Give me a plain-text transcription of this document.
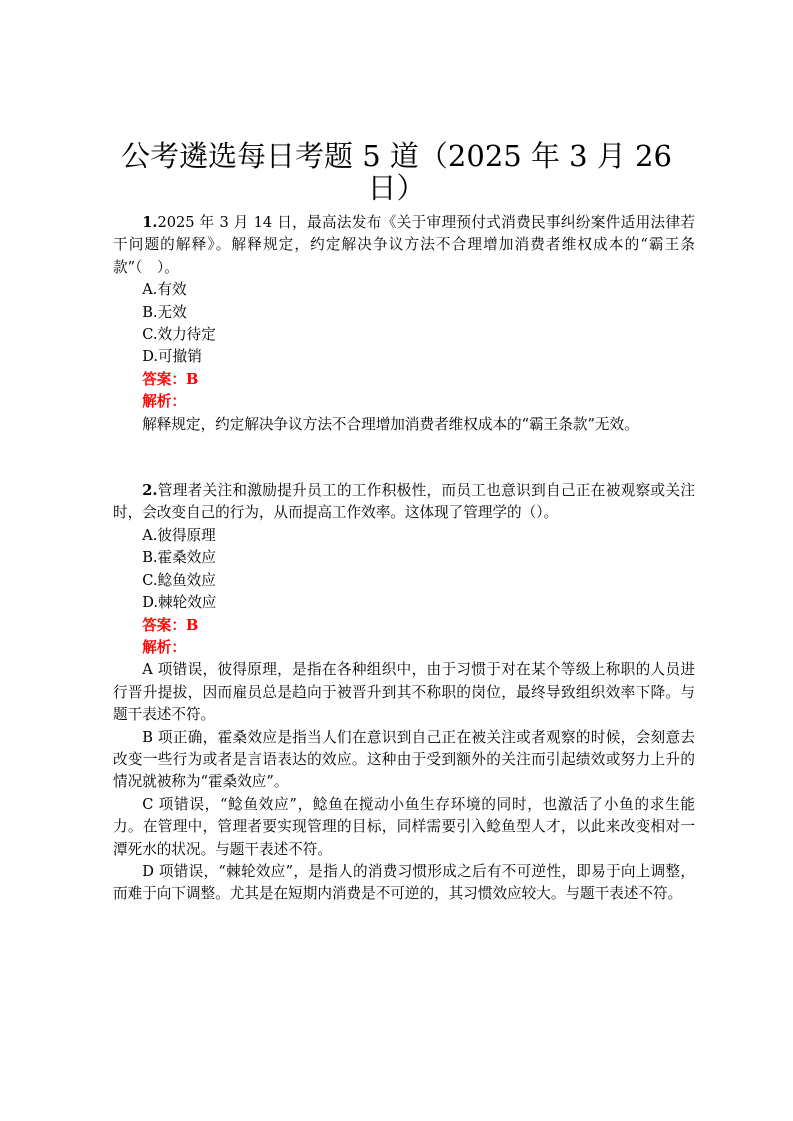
公考遴选每日考题 5 道（2025 年 3 月 26 日）

1.2025 年 3 月 14 日，最高法发布《关于审理预付式消费民事纠纷案件适用法律若干问题的解释》。解释规定，约定解决争议方法不合理增加消费者维权成本的“霸王条款”（　）。

A.有效

B.无效

C.效力待定

D.可撤销

答案：B

解析：

解释规定，约定解决争议方法不合理增加消费者维权成本的“霸王条款”无效。

2.管理者关注和激励提升员工的工作积极性，而员工也意识到自己正在被观察或关注时，会改变自己的行为，从而提高工作效率。这体现了管理学的（）。

A.彼得原理

B.霍桑效应

C.鲶鱼效应

D.棘轮效应

答案：B

解析：

A 项错误，彼得原理，是指在各种组织中，由于习惯于对在某个等级上称职的人员进行晋升提拔，因而雇员总是趋向于被晋升到其不称职的岗位，最终导致组织效率下降。与题干表述不符。

B 项正确，霍桑效应是指当人们在意识到自己正在被关注或者观察的时候，会刻意去改变一些行为或者是言语表达的效应。这种由于受到额外的关注而引起绩效或努力上升的情况就被称为“霍桑效应”。

C 项错误，“鲶鱼效应”，鲶鱼在搅动小鱼生存环境的同时，也激活了小鱼的求生能力。在管理中，管理者要实现管理的目标，同样需要引入鲶鱼型人才，以此来改变相对一潭死水的状况。与题干表述不符。

D 项错误，“棘轮效应”，是指人的消费习惯形成之后有不可逆性，即易于向上调整，而难于向下调整。尤其是在短期内消费是不可逆的，其习惯效应较大。与题干表述不符。
